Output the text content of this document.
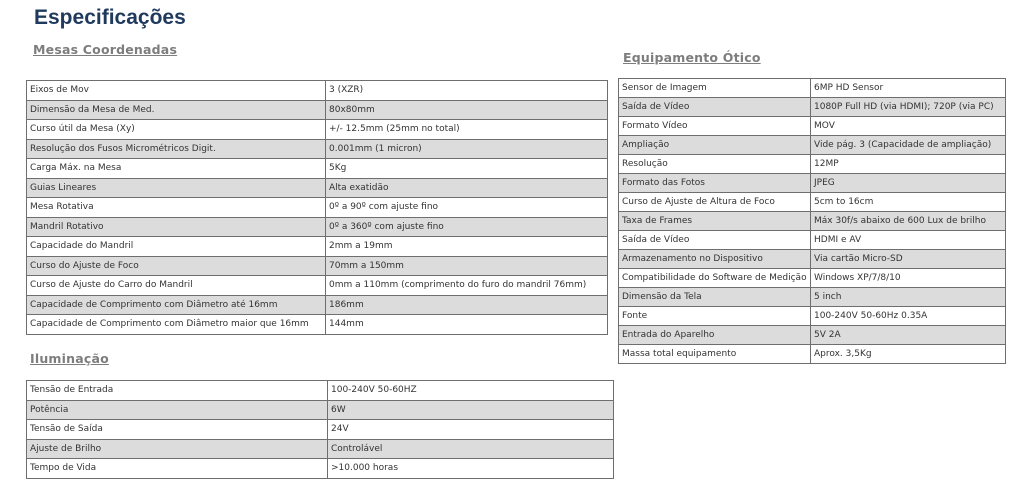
Especificações
Mesas Coordenadas
Eixos de Mov	3 (XZR)
Dimensão da Mesa de Med.	80x80mm
Curso útil da Mesa (Xy)	+/- 12.5mm (25mm no total)
Resolução dos Fusos Micrométricos Digit.	0.001mm (1 micron)
Carga Máx. na Mesa	5Kg
Guias Lineares	Alta exatidão
Mesa Rotativa	0º a 90º com ajuste fino
Mandril Rotativo	0º a 360º com ajuste fino
Capacidade do Mandril	2mm a 19mm
Curso do Ajuste de Foco	70mm a 150mm
Curso de Ajuste do Carro do Mandril	0mm a 110mm (comprimento do furo do mandril 76mm)
Capacidade de Comprimento com Diâmetro até 16mm	186mm
Capacidade de Comprimento com Diâmetro maior que 16mm	144mm
Iluminação
Tensão de Entrada	100-240V 50-60HZ
Potência	6W
Tensão de Saída	24V
Ajuste de Brilho	Controlável
Tempo de Vida	>10.000 horas
Equipamento Ótico
Sensor de Imagem	6MP HD Sensor
Saída de Vídeo	1080P Full HD (via HDMI); 720P (via PC)
Formato Vídeo	MOV
Ampliação	Vide pág. 3 (Capacidade de ampliação)
Resolução	12MP
Formato das Fotos	JPEG
Curso de Ajuste de Altura de Foco	5cm to 16cm
Taxa de Frames	Máx 30f/s abaixo de 600 Lux de brilho
Saída de Vídeo	HDMI e AV
Armazenamento no Dispositivo	Via cartão Micro-SD
Compatibilidade do Software de Medição	Windows XP/7/8/10
Dimensão da Tela	5 inch
Fonte	100-240V 50-60Hz 0.35A
Entrada do Aparelho	5V 2A
Massa total equipamento	Aprox. 3,5Kg
